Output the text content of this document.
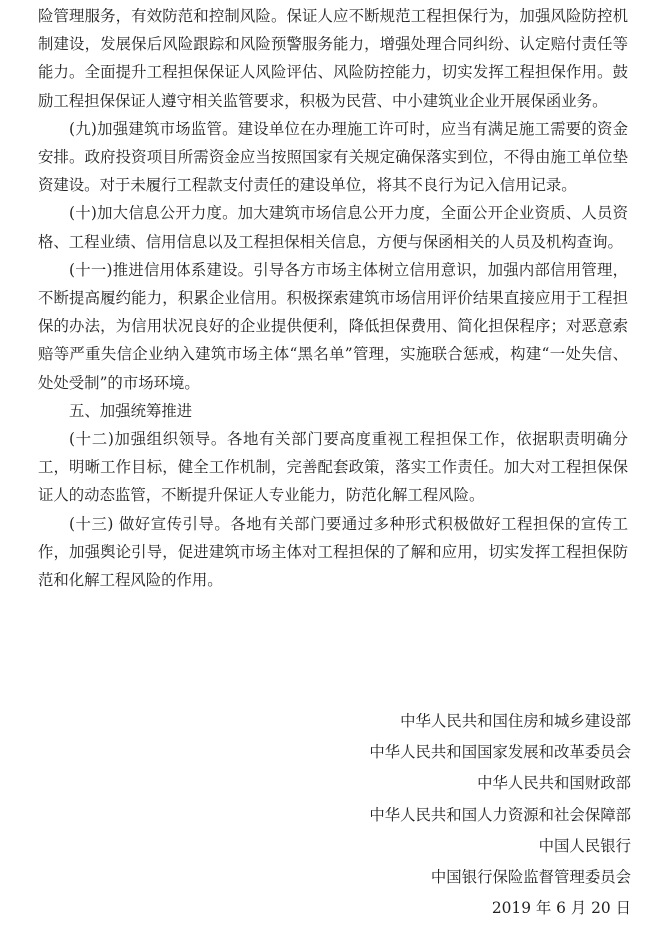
险管理服务，有效防范和控制风险。保证人应不断规范工程担保行为，加强风险防控机制建设，发展保后风险跟踪和风险预警服务能力，增强处理合同纠纷、认定赔付责任等能力。全面提升工程担保保证人风险评估、风险防控能力，切实发挥工程担保作用。鼓励工程担保保证人遵守相关监管要求，积极为民营、中小建筑业企业开展保函业务。

(九)加强建筑市场监管。建设单位在办理施工许可时，应当有满足施工需要的资金安排。政府投资项目所需资金应当按照国家有关规定确保落实到位，不得由施工单位垫资建设。对于未履行工程款支付责任的建设单位，将其不良行为记入信用记录。

(十)加大信息公开力度。加大建筑市场信息公开力度，全面公开企业资质、人员资格、工程业绩、信用信息以及工程担保相关信息，方便与保函相关的人员及机构查询。

(十一)推进信用体系建设。引导各方市场主体树立信用意识，加强内部信用管理，不断提高履约能力，积累企业信用。积极探索建筑市场信用评价结果直接应用于工程担保的办法，为信用状况良好的企业提供便利，降低担保费用、简化担保程序；对恶意索赔等严重失信企业纳入建筑市场主体“黑名单”管理，实施联合惩戒，构建“一处失信、处处受制”的市场环境。

五、加强统筹推进

(十二)加强组织领导。各地有关部门要高度重视工程担保工作，依据职责明确分工，明晰工作目标，健全工作机制，完善配套政策，落实工作责任。加大对工程担保保证人的动态监管，不断提升保证人专业能力，防范化解工程风险。

(十三) 做好宣传引导。各地有关部门要通过多种形式积极做好工程担保的宣传工作，加强舆论引导，促进建筑市场主体对工程担保的了解和应用，切实发挥工程担保防范和化解工程风险的作用。

中华人民共和国住房和城乡建设部
中华人民共和国国家发展和改革委员会
中华人民共和国财政部
中华人民共和国人力资源和社会保障部
中国人民银行
中国银行保险监督管理委员会
2019 年 6 月 20 日
